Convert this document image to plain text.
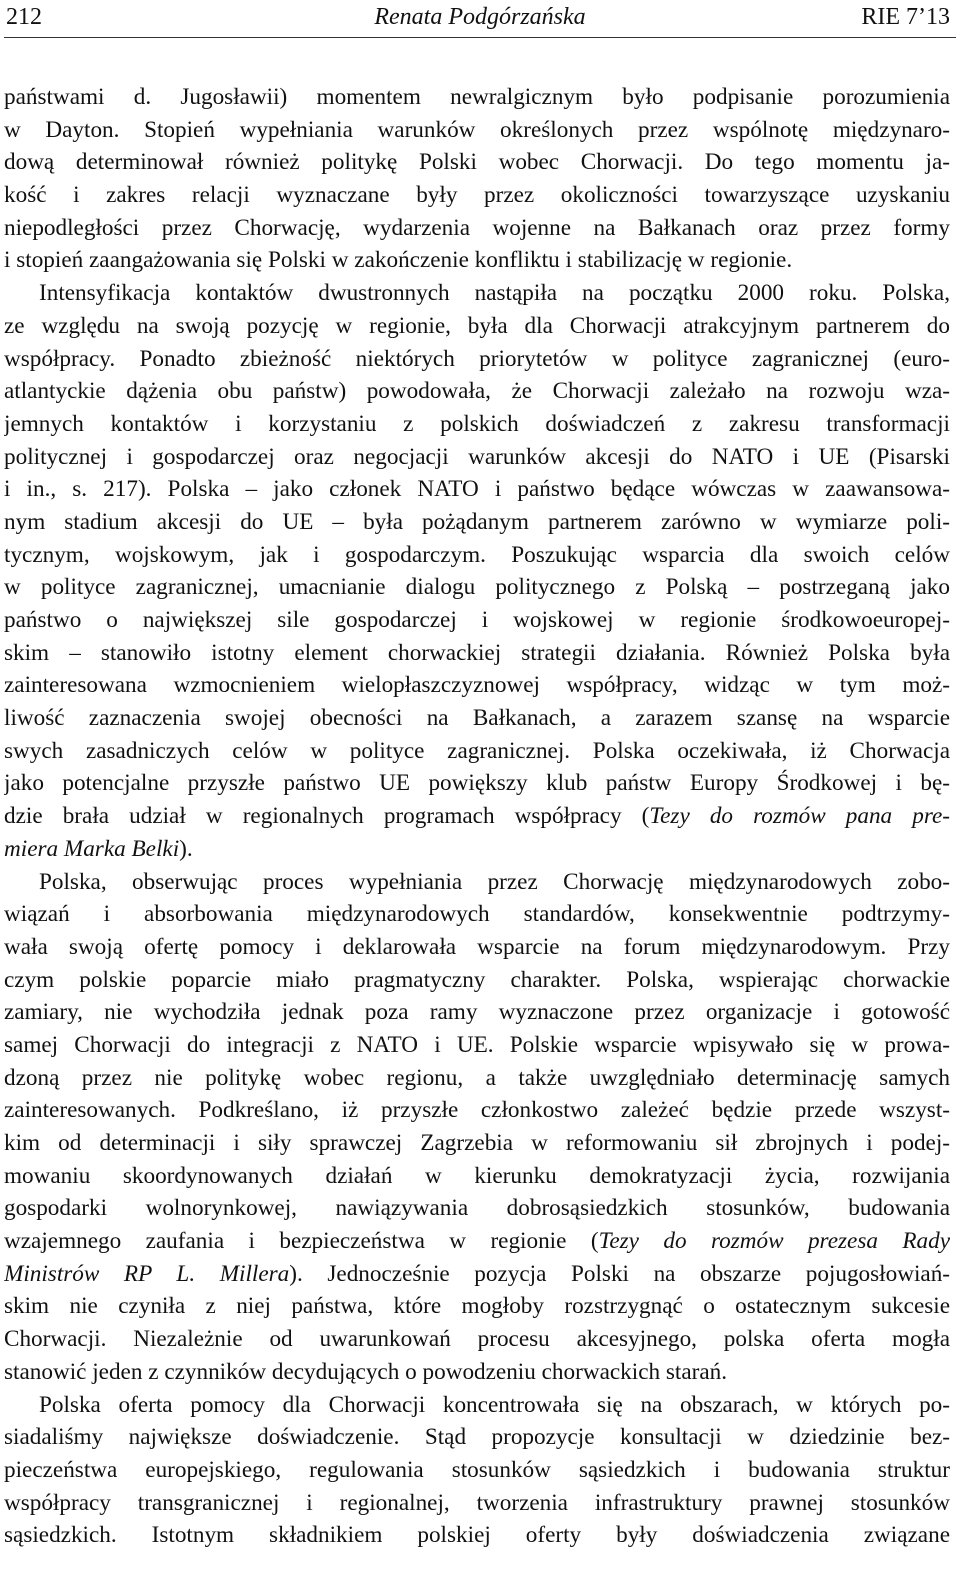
212	Renata Podgórzańska	RIE 7’13
państwami d. Jugosławii) momentem newralgicznym było podpisanie porozumienia
w Dayton. Stopień wypełniania warunków określonych przez wspólnotę międzynaro-
dową determinował również politykę Polski wobec Chorwacji. Do tego momentu ja-
kość i zakres relacji wyznaczane były przez okoliczności towarzyszące uzyskaniu
niepodległości przez Chorwację, wydarzenia wojenne na Bałkanach oraz przez formy
i stopień zaangażowania się Polski w zakończenie konfliktu i stabilizację w regionie.
Intensyfikacja kontaktów dwustronnych nastąpiła na początku 2000 roku. Polska,
ze względu na swoją pozycję w regionie, była dla Chorwacji atrakcyjnym partnerem do
współpracy. Ponadto zbieżność niektórych priorytetów w polityce zagranicznej (euro-
atlantyckie dążenia obu państw) powodowała, że Chorwacji zależało na rozwoju wza-
jemnych kontaktów i korzystaniu z polskich doświadczeń z zakresu transformacji
politycznej i gospodarczej oraz negocjacji warunków akcesji do NATO i UE (Pisarski
i in., s. 217). Polska – jako członek NATO i państwo będące wówczas w zaawansowa-
nym stadium akcesji do UE – była pożądanym partnerem zarówno w wymiarze poli-
tycznym, wojskowym, jak i gospodarczym. Poszukując wsparcia dla swoich celów
w polityce zagranicznej, umacnianie dialogu politycznego z Polską – postrzeganą jako
państwo o największej sile gospodarczej i wojskowej w regionie środkowoeuropej-
skim – stanowiło istotny element chorwackiej strategii działania. Również Polska była
zainteresowana wzmocnieniem wielopłaszczyznowej współpracy, widząc w tym moż-
liwość zaznaczenia swojej obecności na Bałkanach, a zarazem szansę na wsparcie
swych zasadniczych celów w polityce zagranicznej. Polska oczekiwała, iż Chorwacja
jako potencjalne przyszłe państwo UE powiększy klub państw Europy Środkowej i bę-
dzie brała udział w regionalnych programach współpracy (Tezy do rozmów pana pre-
miera Marka Belki).
Polska, obserwując proces wypełniania przez Chorwację międzynarodowych zobo-
wiązań i absorbowania międzynarodowych standardów, konsekwentnie podtrzymy-
wała swoją ofertę pomocy i deklarowała wsparcie na forum międzynarodowym. Przy
czym polskie poparcie miało pragmatyczny charakter. Polska, wspierając chorwackie
zamiary, nie wychodziła jednak poza ramy wyznaczone przez organizacje i gotowość
samej Chorwacji do integracji z NATO i UE. Polskie wsparcie wpisywało się w prowa-
dzoną przez nie politykę wobec regionu, a także uwzględniało determinację samych
zainteresowanych. Podkreślano, iż przyszłe członkostwo zależeć będzie przede wszyst-
kim od determinacji i siły sprawczej Zagrzebia w reformowaniu sił zbrojnych i podej-
mowaniu skoordynowanych działań w kierunku demokratyzacji życia, rozwijania
gospodarki wolnorynkowej, nawiązywania dobrosąsiedzkich stosunków, budowania
wzajemnego zaufania i bezpieczeństwa w regionie (Tezy do rozmów prezesa Rady
Ministrów RP L. Millera). Jednocześnie pozycja Polski na obszarze pojugosłowiań-
skim nie czyniła z niej państwa, które mogłoby rozstrzygnąć o ostatecznym sukcesie
Chorwacji. Niezależnie od uwarunkowań procesu akcesyjnego, polska oferta mogła
stanowić jeden z czynników decydujących o powodzeniu chorwackich starań.
Polska oferta pomocy dla Chorwacji koncentrowała się na obszarach, w których po-
siadaliśmy największe doświadczenie. Stąd propozycje konsultacji w dziedzinie bez-
pieczeństwa europejskiego, regulowania stosunków sąsiedzkich i budowania struktur
współpracy transgranicznej i regionalnej, tworzenia infrastruktury prawnej stosunków
sąsiedzkich. Istotnym składnikiem polskiej oferty były doświadczenia związane
